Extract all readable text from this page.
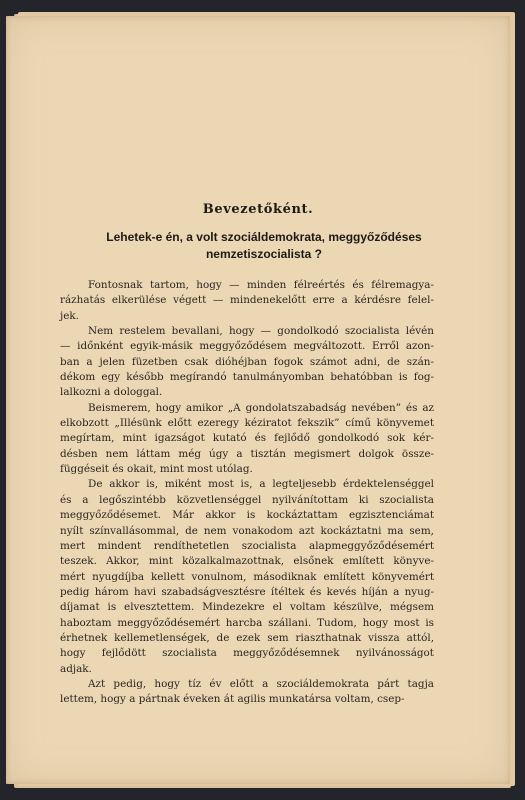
Bevezetőként.
Lehetek-e én, a volt szociáldemokrata, meggyőződéses
nemzetiszocialista ?
Fontosnak tartom, hogy — minden félreértés és félremagya-
rázhatás elkerülése végett — mindenekelőtt erre a kérdésre felel-
jek.
Nem restelem bevallani, hogy — gondolkodó szocialista lévén
— időnként egyik-másik meggyőződésem megváltozott. Erről azon-
ban a jelen füzetben csak dióhéjban fogok számot adni, de szán-
dékom egy később megírandó tanulmányomban behatóbban is fog-
lalkozni a dologgal.
Beismerem, hogy amikor „A gondolatszabadság nevében” és az
elkobzott „Illésünk előtt ezeregy kéziratot fekszik” című könyvemet
megírtam, mint igazságot kutató és fejlődő gondolkodó sok kér-
désben nem láttam még úgy a tisztán megismert dolgok össze-
függéseit és okait, mint most utólag.
De akkor is, miként most is, a legteljesebb érdektelenséggel
és a legőszintébb közvetlenséggel nyilvánítottam ki szocialista
meggyőződésemet. Már akkor is kockáztattam egzisztenciámat
nyílt színvallásommal, de nem vonakodom azt kockáztatni ma sem,
mert mindent rendíthetetlen szocialista alapmeggyőződésemért
teszek. Akkor, mint közalkalmazottnak, elsőnek említett könyve-
mért nyugdíjba kellett vonulnom, másodiknak említett könyvemért
pedig három havi szabadságvesztésre ítéltek és kevés híján a nyug-
díjamat is elvesztettem. Mindezekre el voltam készülve, mégsem
haboztam meggyőződésemért harcba szállani. Tudom, hogy most is
érhetnek kellemetlenségek, de ezek sem riaszthatnak vissza attól,
hogy fejlődött szocialista meggyőződésemnek nyilvánosságot
adjak.
Azt pedig, hogy tíz év előtt a szociáldemokrata párt tagja
lettem, hogy a pártnak éveken át agilis munkatársa voltam, csep-
